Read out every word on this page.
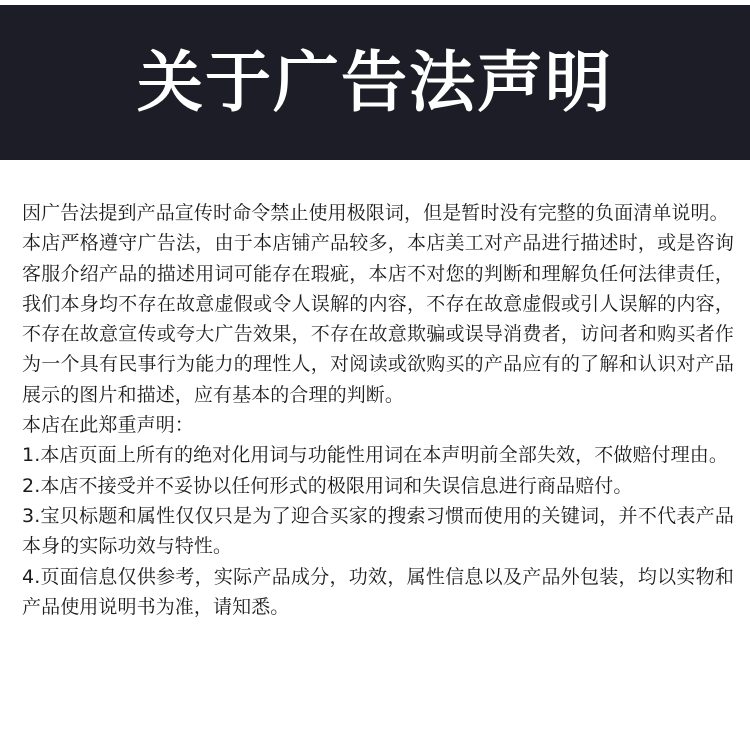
关于广告法声明

因广告法提到产品宣传时命令禁止使用极限词，但是暂时没有完整的负面清单说明。

本店严格遵守广告法，由于本店铺产品较多，本店美工对产品进行描述时，或是咨询客服介绍产品的描述用词可能存在瑕疵，本店不对您的判断和理解负任何法律责任，我们本身均不存在故意虚假或令人误解的内容，不存在故意虚假或引人误解的内容，不存在故意宣传或夸大广告效果，不存在故意欺骗或误导消费者，访问者和购买者作为一个具有民事行为能力的理性人，对阅读或欲购买的产品应有的了解和认识对产品展示的图片和描述，应有基本的合理的判断。

本店在此郑重声明：

1.本店页面上所有的绝对化用词与功能性用词在本声明前全部失效，不做赔付理由。

2.本店不接受并不妥协以任何形式的极限用词和失误信息进行商品赔付。

3.宝贝标题和属性仅仅只是为了迎合买家的搜索习惯而使用的关键词，并不代表产品本身的实际功效与特性。

4.页面信息仅供参考，实际产品成分，功效，属性信息以及产品外包装，均以实物和产品使用说明书为准，请知悉。
